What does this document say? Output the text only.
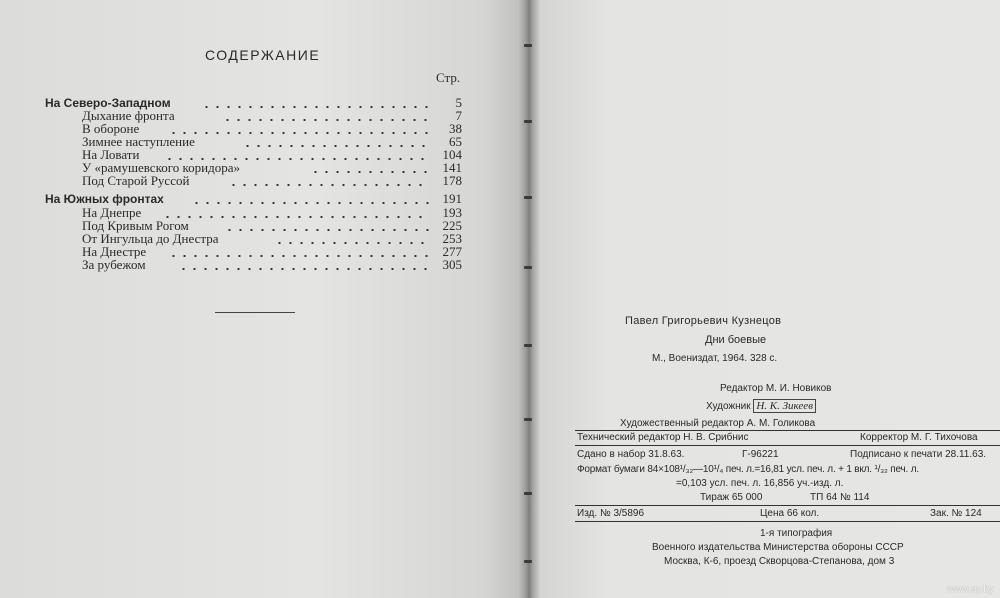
СОДЕРЖАНИЕ
Стр.
На Северо-Западном	5
Дыхание фронта	7
В обороне	38
Зимнее наступление	65
На Ловати	104
У «рамушевского коридора»	141
Под Старой Руссой	178
На Южных фронтах	191
На Днепре	193
Под Кривым Рогом	225
От Ингульца до Днестра	253
На Днестре	277
За рубежом	305
Павел Григорьевич Кузнецов
Дни боевые
М., Воениздат, 1964. 328 с.
Редактор М. И. Новиков
Художник Н. К. Зикеев
Художественный редактор А. М. Голикова
Технический редактор Н. В. Срибнис	Корректор М. Г. Тихочова
Сдано в набор 31.8.63.	Г-96221	Подписано к печати 28.11.63.
Формат бумаги 84×108¹/₃₂—10¹/₄ печ. л.=16,81 усл. печ. л. + 1 вкл. ¹/₃₂ печ. л.
=0,103 усл. печ. л. 16,856 уч.-изд. л.
Тираж 65 000	ТП 64 № 114
Изд. № 3/5896	Цена 66 кол.	Зак. № 124
1-я типография
Военного издательства Министерства обороны СССР
Москва, К-6, проезд Скворцова-Степанова, дом 3
www.ay.by
